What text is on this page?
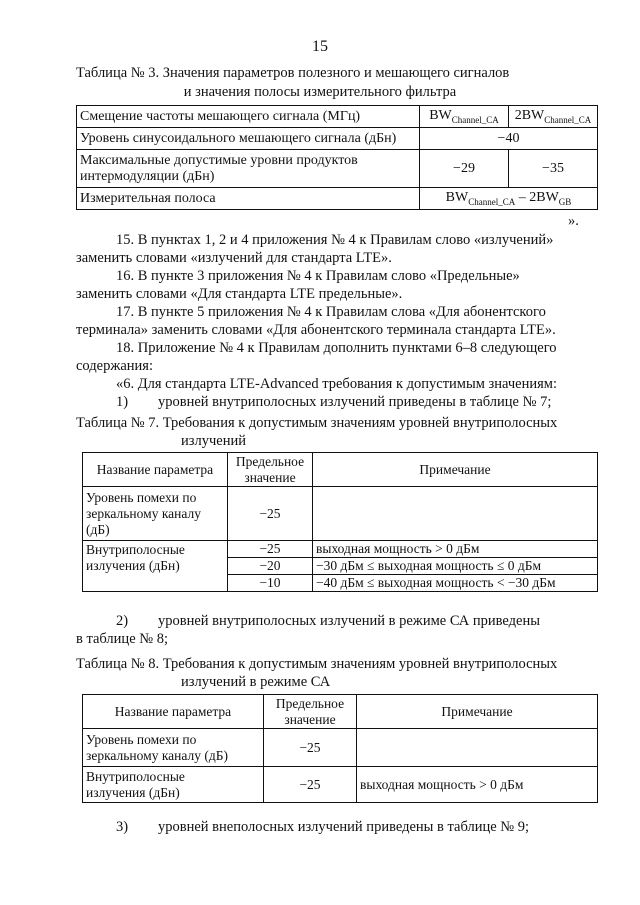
15
Таблица № 3. Значения параметров полезного и мешающего сигналов
и значения полосы измерительного фильтра
Смещение частоты мешающего сигнала (МГц)	$BW_{Channel\_CA}$	$2BW_{Channel\_CA}$
Уровень синусоидального мешающего сигнала (дБн)	−40	

Максимальные допустимые уровни продуктов
интермодуляции (дБн)	−29	−35
Измерительная полоса	$BW_{Channel\_CA} - 2BW_{GB}$
».
15. В пунктах 1, 2 и 4 приложения № 4 к Правилам слово «излучений»
заменить словами «излучений для стандарта LTE».
16. В пункте 3 приложения № 4 к Правилам слово «Предельные»
заменить словами «Для стандарта LTE предельные».
17. В пункте 5 приложения № 4 к Правилам слова «Для абонентского
терминала» заменить словами «Для абонентского терминала стандарта LTE».
18. Приложение № 4 к Правилам дополнить пунктами 6–8 следующего
содержания:
«6. Для стандарта LTE-Advanced требования к допустимым значениям:
1) уровней внутриполосных излучений приведены в таблице № 7;
Таблица № 7. Требования к допустимым значениям уровней внутриполосных
излучений
Название параметра	Предельное значение	Примечание

Уровень помехи по
зеркальному каналу
(дБ)	−25	

Внутриполосные
излучения (дБн)	−25	выходная мощность > 0 дБм
	−20	−30 дБм ≤ выходная мощность ≤ 0 дБм
	−10	−40 дБм ≤ выходная мощность < −30 дБм
2) уровней внутриполосных излучений в режиме СА приведены
в таблице № 8;
Таблица № 8. Требования к допустимым значениям уровней внутриполосных
излучений в режиме СА
Название параметра	Предельное значение	Примечание

Уровень помехи по
зеркальному каналу (дБ)	−25	

Внутриполосные
излучения (дБн)	−25	выходная мощность > 0 дБм
3) уровней внеполосных излучений приведены в таблице № 9;
